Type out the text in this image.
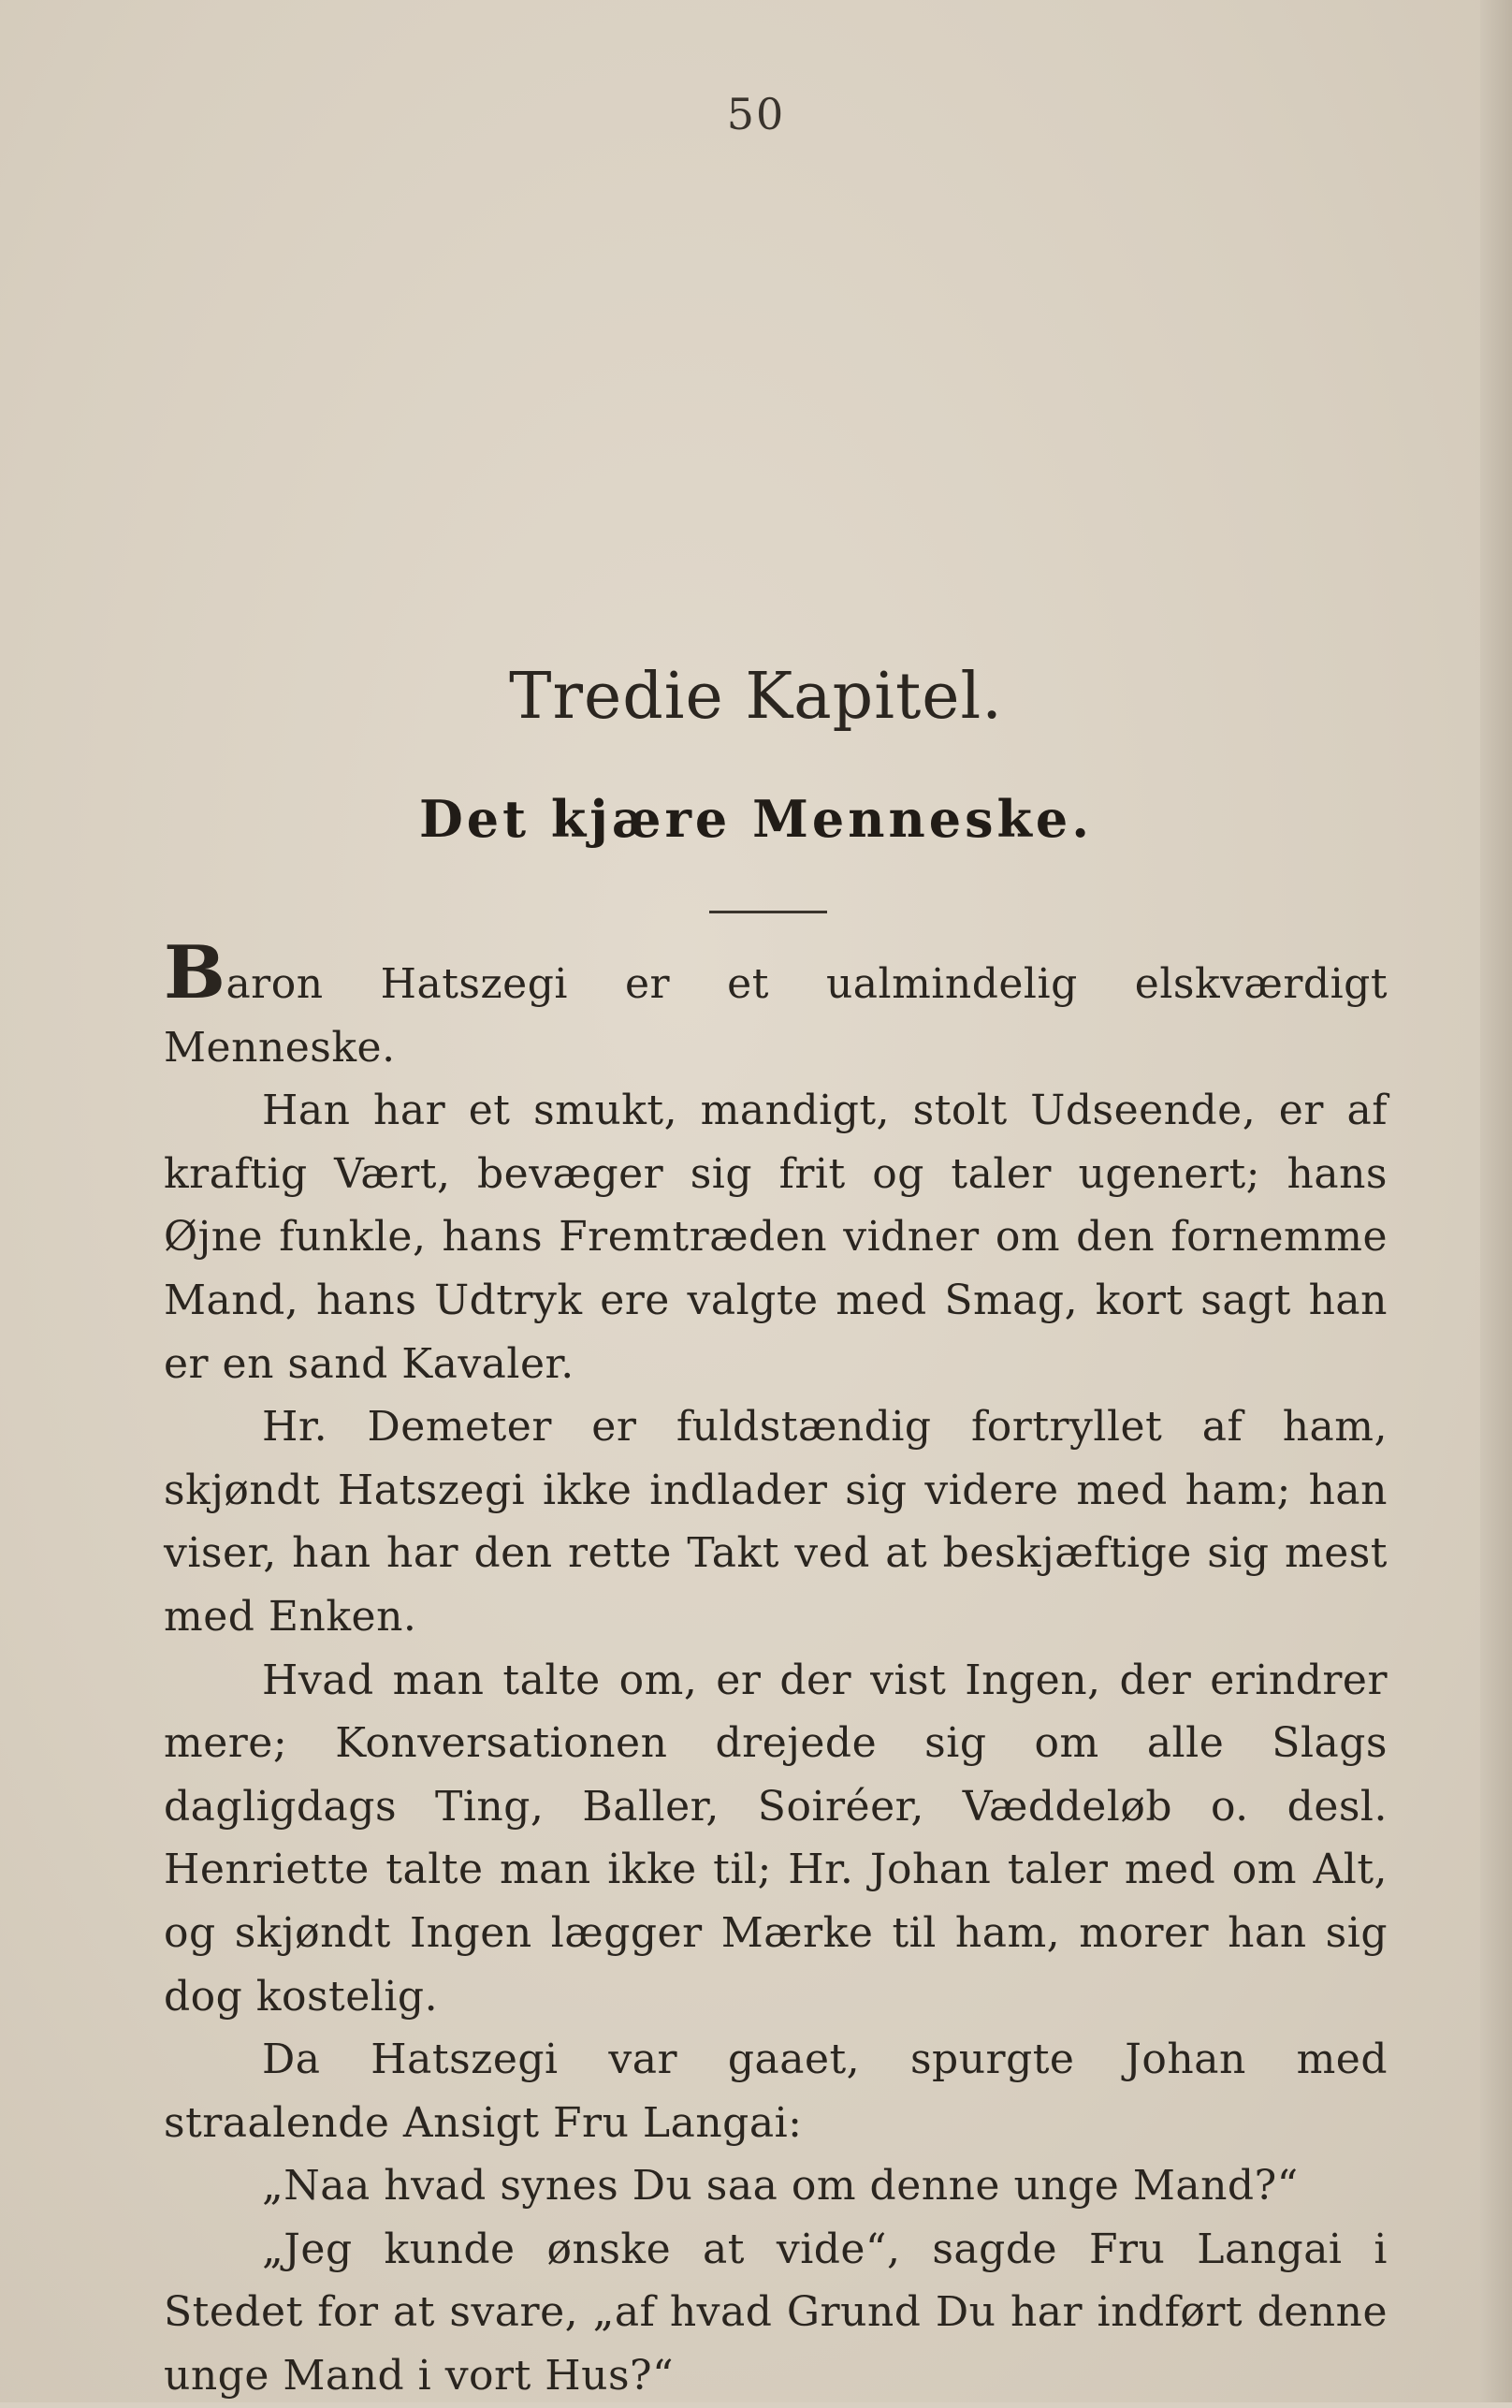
50
Tredie Kapitel.
Det kjære Menneske.

Baron Hatszegi er et ualmindelig elskværdigt Menneske.

Han har et smukt, mandigt, stolt Udseende, er af kraftig Vært, bevæger sig frit og taler ugenert; hans Øjne funkle, hans Fremtræden vidner om den fornemme Mand, hans Udtryk ere valgte med Smag, kort sagt han er en sand Kavaler.

Hr. Demeter er fuldstændig fortryllet af ham, skjøndt Hatszegi ikke indlader sig videre med ham; han viser, han har den rette Takt ved at beskjæftige sig mest med Enken.

Hvad man talte om, er der vist Ingen, der erindrer mere; Konversationen drejede sig om alle Slags dagligdags Ting, Baller, Soiréer, Væddeløb o. desl. Henriette talte man ikke til; Hr. Johan taler med om Alt, og skjøndt Ingen lægger Mærke til ham, morer han sig dog kostelig.

Da Hatszegi var gaaet, spurgte Johan med straalende Ansigt Fru Langai:

„Naa hvad synes Du saa om denne unge Mand?“

„Jeg kunde ønske at vide“, sagde Fru Langai i Stedet for at svare, „af hvad Grund Du har indført denne unge Mand i vort Hus?“
